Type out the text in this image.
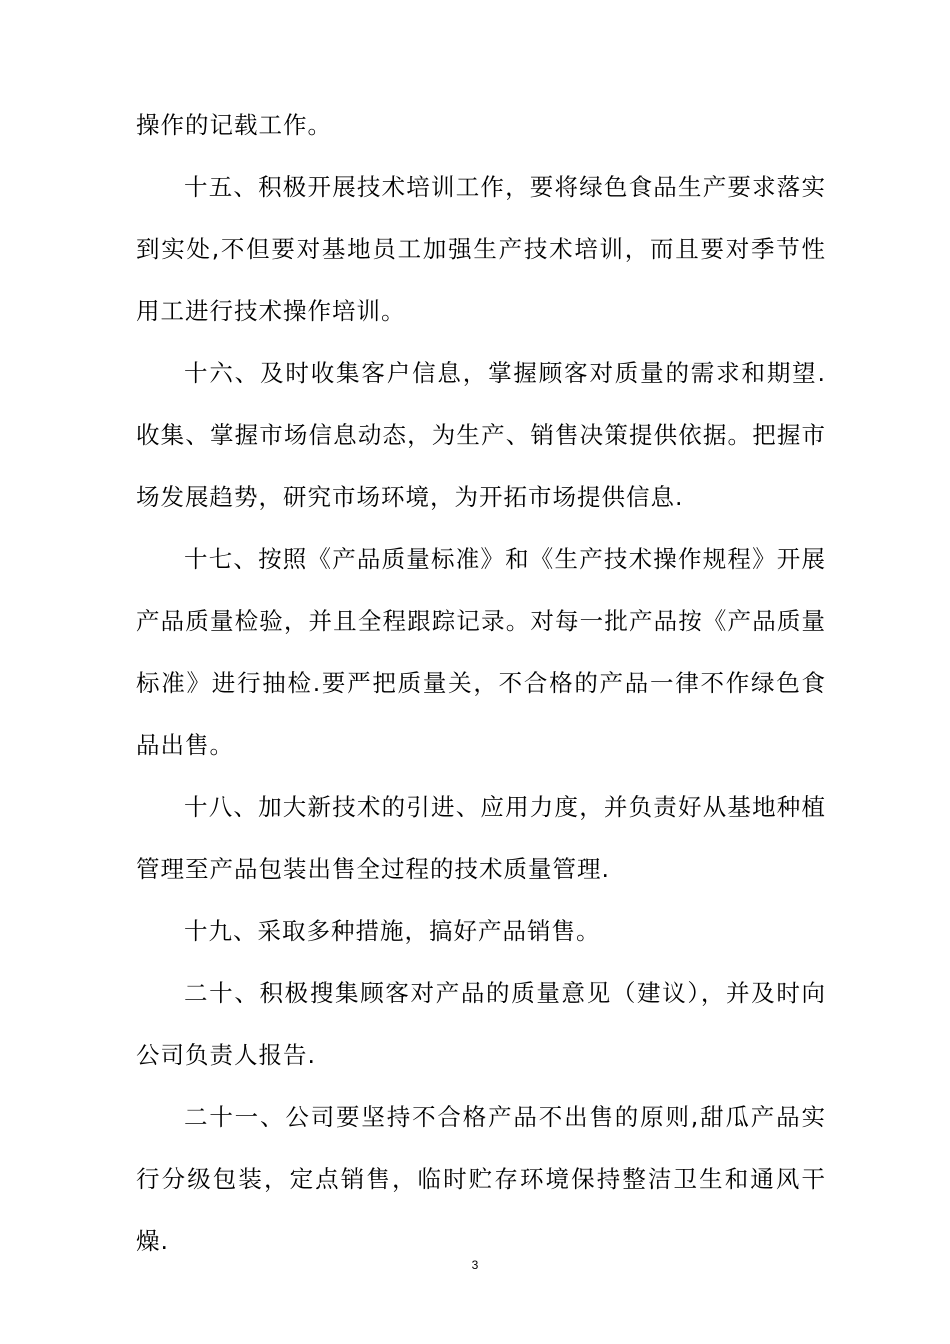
操作的记载工作。

十五、积极开展技术培训工作，要将绿色食品生产要求落实到实处,不但要对基地员工加强生产技术培训，而且要对季节性用工进行技术操作培训。

十六、及时收集客户信息，掌握顾客对质量的需求和期望.收集、掌握市场信息动态，为生产、销售决策提供依据。把握市场发展趋势，研究市场环境，为开拓市场提供信息.

十七、按照《产品质量标准》和《生产技术操作规程》开展产品质量检验，并且全程跟踪记录。对每一批产品按《产品质量标准》进行抽检.要严把质量关，不合格的产品一律不作绿色食品出售。

十八、加大新技术的引进、应用力度，并负责好从基地种植管理至产品包装出售全过程的技术质量管理.

十九、采取多种措施，搞好产品销售。

二十、积极搜集顾客对产品的质量意见（建议），并及时向公司负责人报告.

二十一、公司要坚持不合格产品不出售的原则,甜瓜产品实行分级包装，定点销售，临时贮存环境保持整洁卫生和通风干燥.

3
